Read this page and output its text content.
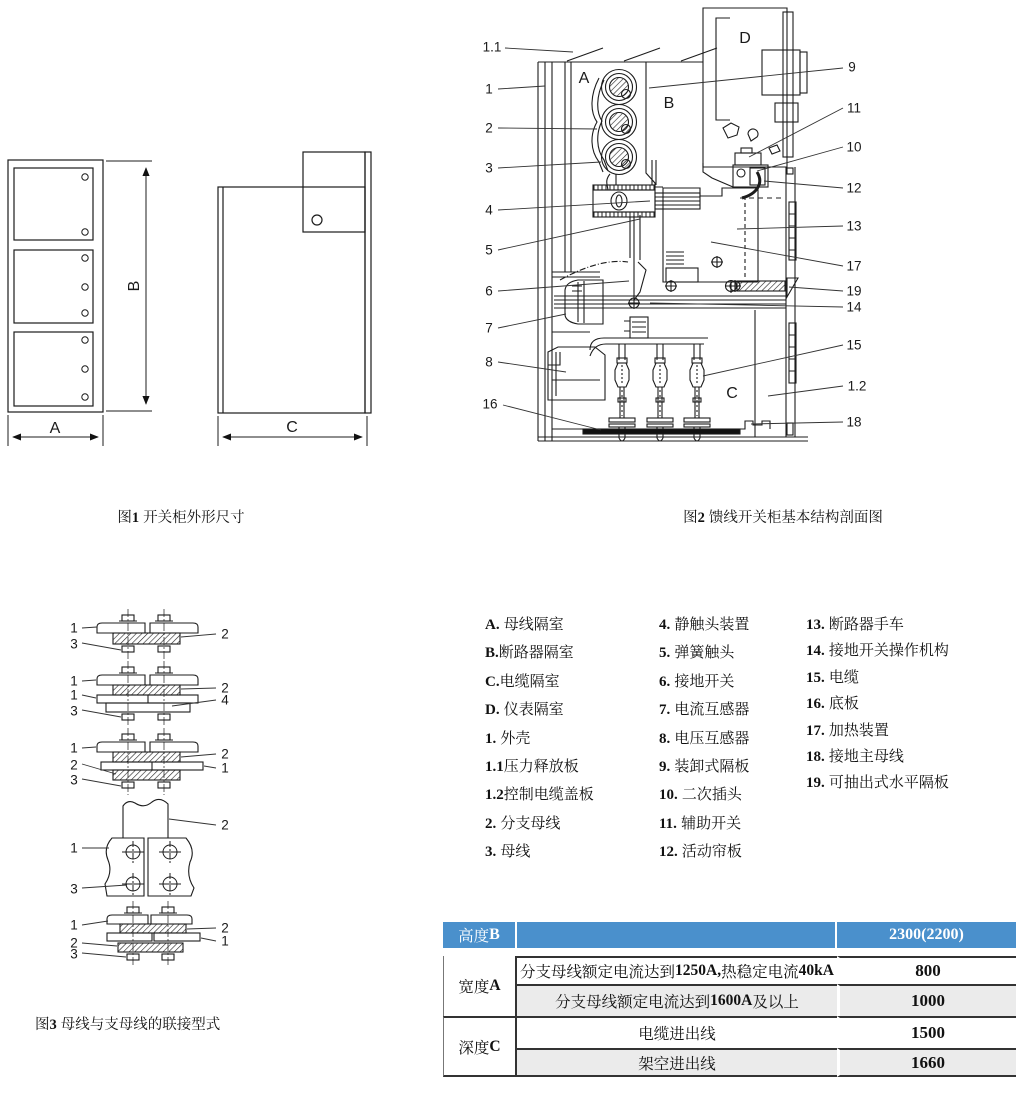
图1 开关柜外形尺寸	图2 馈线开关柜基本结构剖面图
图3 母线与支母线的联接型式
A
B
C
1.1
1
2
3
4
5
6
7
8
16
9
11
10
12
13
17
19
14
15
1.2
18
A
B
C
D
1	2
3
1
1
3
2
4
1
2
3
2
1
2
1
3
1
2
3
2
1
A. 母线隔室
B.断路器隔室
C.电缆隔室
D. 仪表隔室
1. 外壳
1.1压力释放板
1.2控制电缆盖板
2. 分支母线
3. 母线
4. 静触头装置
5. 弹簧触头
6. 接地开关
7. 电流互感器
8. 电压互感器
9. 装卸式隔板
10. 二次插头
11. 辅助开关
12. 活动帘板
13. 断路器手车
14. 接地开关操作机构
15. 电缆
16. 底板
17. 加热装置
18. 接地主母线
19. 可抽出式水平隔板
高度 B	2300(2200)
宽度 A
分支母线额定电流达到 1250A, 热稳定电流 40kA	800
分支母线额定电流达到 1600A 及以上	1000
深度 C
电缆进出线	1500
架空进出线	1660
